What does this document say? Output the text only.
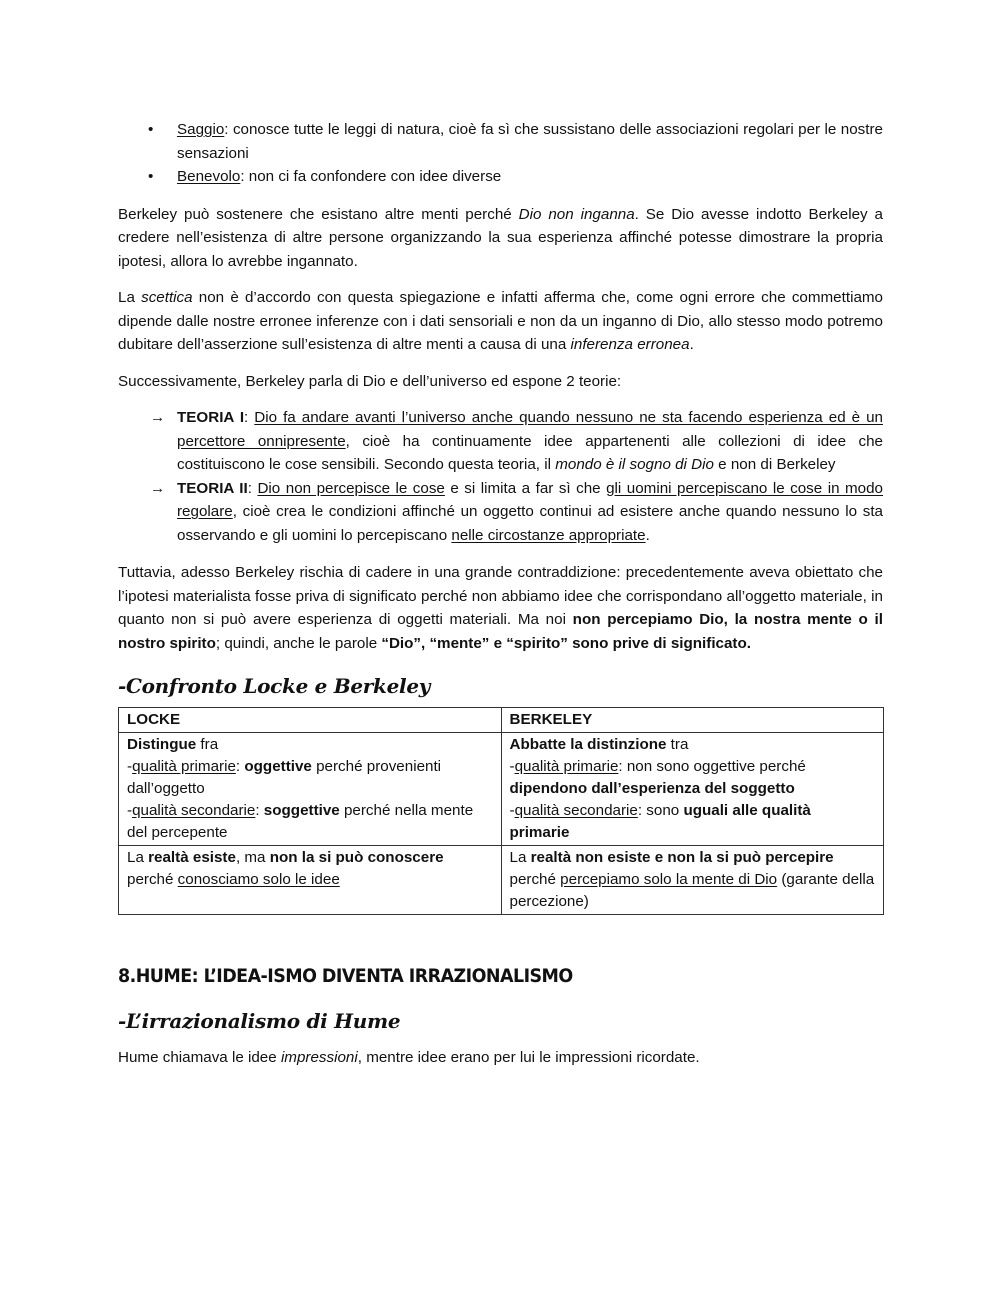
• Saggio: conosce tutte le leggi di natura, cioè fa sì che sussistano delle associazioni regolari per le nostre sensazioni
• Benevolo: non ci fa confondere con idee diverse

Berkeley può sostenere che esistano altre menti perché Dio non inganna. Se Dio avesse indotto Berkeley a credere nell’esistenza di altre persone organizzando la sua esperienza affinché potesse dimostrare la propria ipotesi, allora lo avrebbe ingannato.

La scettica non è d’accordo con questa spiegazione e infatti afferma che, come ogni errore che commettiamo dipende dalle nostre erronee inferenze con i dati sensoriali e non da un inganno di Dio, allo stesso modo potremo dubitare dell’asserzione sull’esistenza di altre menti a causa di una inferenza erronea.

Successivamente, Berkeley parla di Dio e dell’universo ed espone 2 teorie:

→ TEORIA I: Dio fa andare avanti l’universo anche quando nessuno ne sta facendo esperienza ed è un percettore onnipresente, cioè ha continuamente idee appartenenti alle collezioni di idee che costituiscono le cose sensibili. Secondo questa teoria, il mondo è il sogno di Dio e non di Berkeley
→ TEORIA II: Dio non percepisce le cose e si limita a far sì che gli uomini percepiscano le cose in modo regolare, cioè crea le condizioni affinché un oggetto continui ad esistere anche quando nessuno lo sta osservando e gli uomini lo percepiscano nelle circostanze appropriate.

Tuttavia, adesso Berkeley rischia di cadere in una grande contraddizione: precedentemente aveva obiettato che l’ipotesi materialista fosse priva di significato perché non abbiamo idee che corrispondano all’oggetto materiale, in quanto non si può avere esperienza di oggetti materiali. Ma noi non percepiamo Dio, la nostra mente o il nostro spirito; quindi, anche le parole “Dio”, “mente” e “spirito” sono prive di significato.

-Confronto Locke e Berkeley
LOCKE	BERKELEY
Distingue fra
-qualità primarie: oggettive perché provenienti dall’oggetto
-qualità secondarie: soggettive perché nella mente del percepente	Abbatte la distinzione tra
-qualità primarie: non sono oggettive perché dipendono dall’esperienza del soggetto
-qualità secondarie: sono uguali alle qualità primarie
La realtà esiste, ma non la si può conoscere perché conosciamo solo le idee	La realtà non esiste e non la si può percepire perché percepiamo solo la mente di Dio (garante della percezione)
8.HUME: L’IDEA-ISMO DIVENTA IRRAZIONALISMO
-L’irrazionalismo di Hume

Hume chiamava le idee impressioni, mentre idee erano per lui le impressioni ricordate.
